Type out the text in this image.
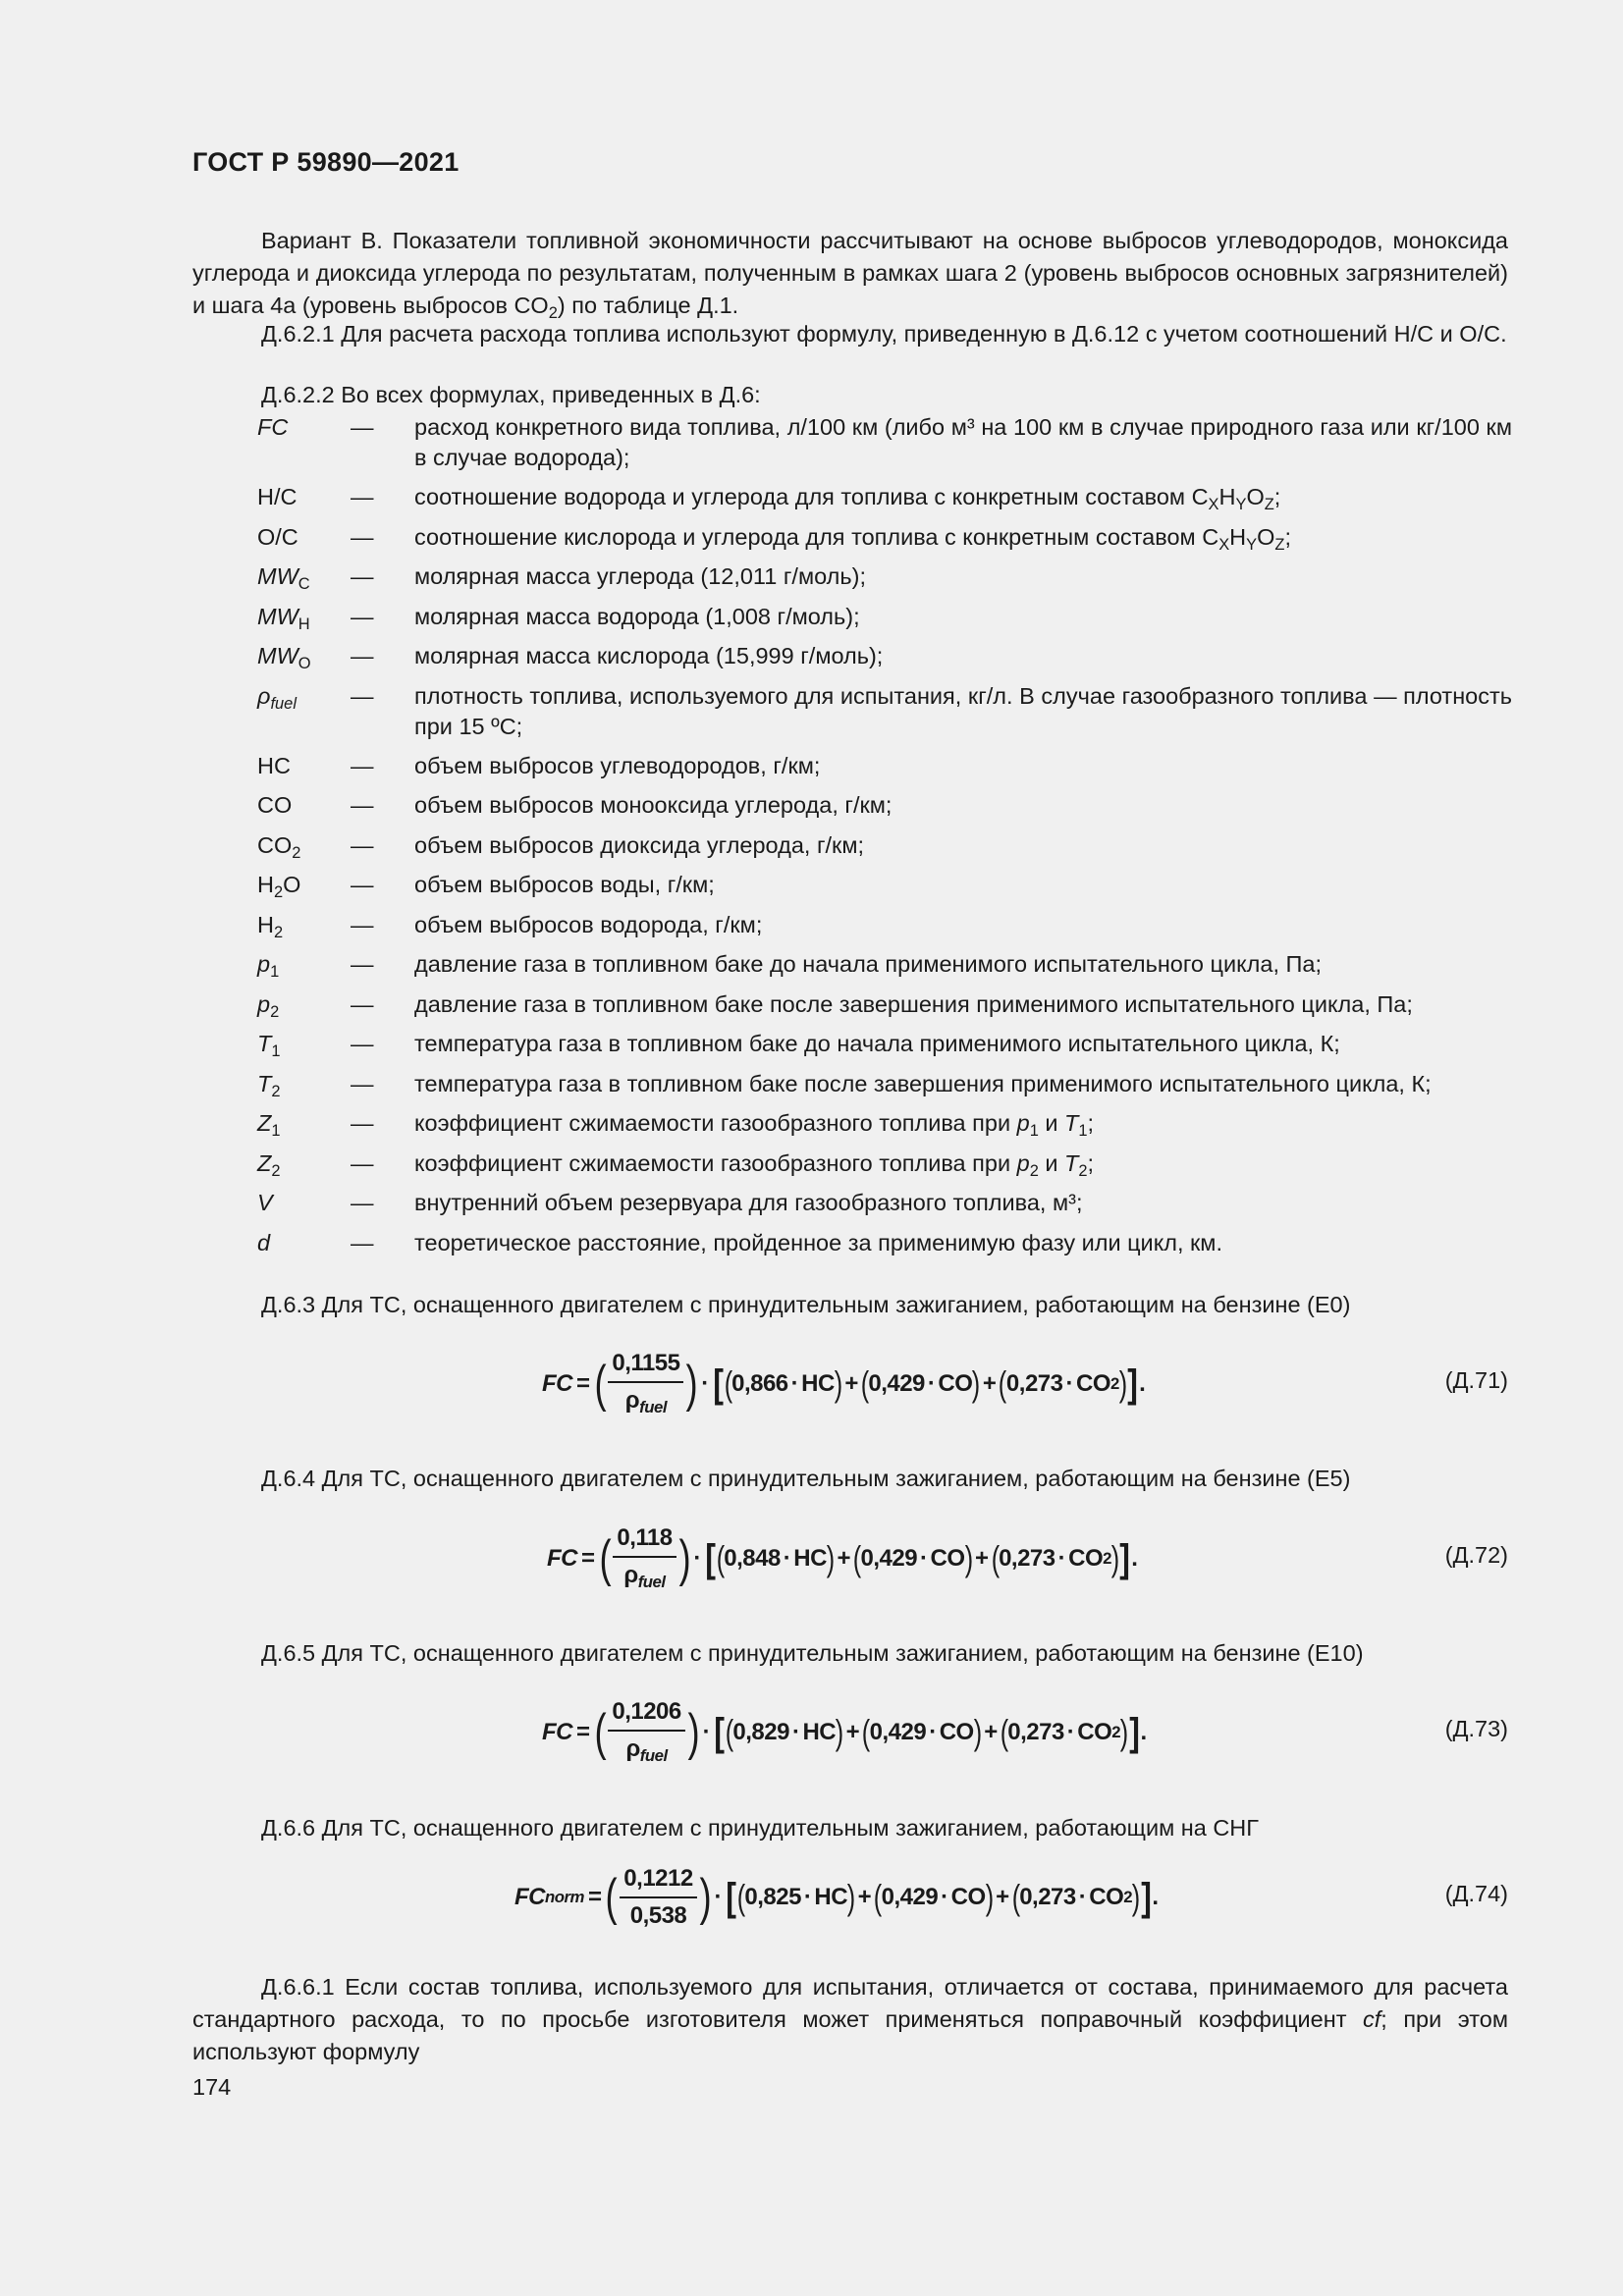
ГОСТ Р 59890—2021
Вариант В. Показатели топливной экономичности рассчитывают на основе выбросов углеводородов, моноксида углерода и диоксида углерода по результатам, полученным в рамках шага 2 (уровень выбросов основных загрязнителей) и шага 4а (уровень выбросов $CO_2$) по таблице Д.1.
Д.6.2.1 Для расчета расхода топлива используют формулу, приведенную в Д.6.12 с учетом соотношений H/C и O/C.
Д.6.2.2 Во всех формулах, приведенных в Д.6:
FC	—	расход конкретного вида топлива, л/100 км (либо м³ на 100 км в случае природного газа или кг/100 км в случае водорода);
H/C	—	соотношение водорода и углерода для топлива с конкретным составом $C_XH_YO_Z$;
O/C	—	соотношение кислорода и углерода для топлива с конкретным составом $C_XH_YO_Z$;
$MW_C$	—	молярная масса углерода (12,011 г/моль);
$MW_H$	—	молярная масса водорода (1,008 г/моль);
$MW_O$	—	молярная масса кислорода (15,999 г/моль);
$\rho_{fuel}$	—	плотность топлива, используемого для испытания, кг/л. В случае газообразного топлива — плотность при 15 ºС;
HC	—	объем выбросов углеводородов, г/км;
CO	—	объем выбросов монооксида углерода, г/км;
$CO_2$	—	объем выбросов диоксида углерода, г/км;
$H_2O$	—	объем выбросов воды, г/км;
$H_2$	—	объем выбросов водорода, г/км;
$p_1$	—	давление газа в топливном баке до начала применимого испытательного цикла, Па;
$p_2$	—	давление газа в топливном баке после завершения применимого испытательного цикла, Па;
$T_1$	—	температура газа в топливном баке до начала применимого испытательного цикла, К;
$T_2$	—	температура газа в топливном баке после завершения применимого испытательного цикла, К;
$Z_1$	—	коэффициент сжимаемости газообразного топлива при $p_1$ и $T_1$;
$Z_2$	—	коэффициент сжимаемости газообразного топлива при $p_2$ и $T_2$;
V	—	внутренний объем резервуара для газообразного топлива, м³;
d	—	теоретическое расстояние, пройденное за применимую фазу или цикл, км.
Д.6.3 Для ТС, оснащенного двигателем с принудительным зажиганием, работающим на бензине (E0)
FC = ( $\frac{0,1155}{\rho_{fuel}}$ ) · [ ( 0,866 · HC ) + ( 0,429 · CO ) + ( 0,273 · CO 2 ) ] .	(Д.71)
Д.6.4 Для ТС, оснащенного двигателем с принудительным зажиганием, работающим на бензине (E5)
FC = ( $\frac{0,118}{\rho_{fuel}}$ ) · [ ( 0,848 · HC ) + ( 0,429 · CO ) + ( 0,273 · CO 2 ) ] .	(Д.72)
Д.6.5 Для ТС, оснащенного двигателем с принудительным зажиганием, работающим на бензине (E10)
FC = ( $\frac{0,1206}{\rho_{fuel}}$ ) · [ ( 0,829 · HC ) + ( 0,429 · CO ) + ( 0,273 · CO 2 ) ] .	(Д.73)
Д.6.6 Для ТС, оснащенного двигателем с принудительным зажиганием, работающим на СНГ
FC norm = ( $\frac{0,1212}{0,538}$ ) · [ ( 0,825 · HC ) + ( 0,429 · CO ) + ( 0,273 · CO 2 ) ] .	(Д.74)
Д.6.6.1 Если состав топлива, используемого для испытания, отличается от состава, принимаемого для расчета стандартного расхода, то по просьбе изготовителя может применяться поправочный коэффициент cf; при этом используют формулу
174
